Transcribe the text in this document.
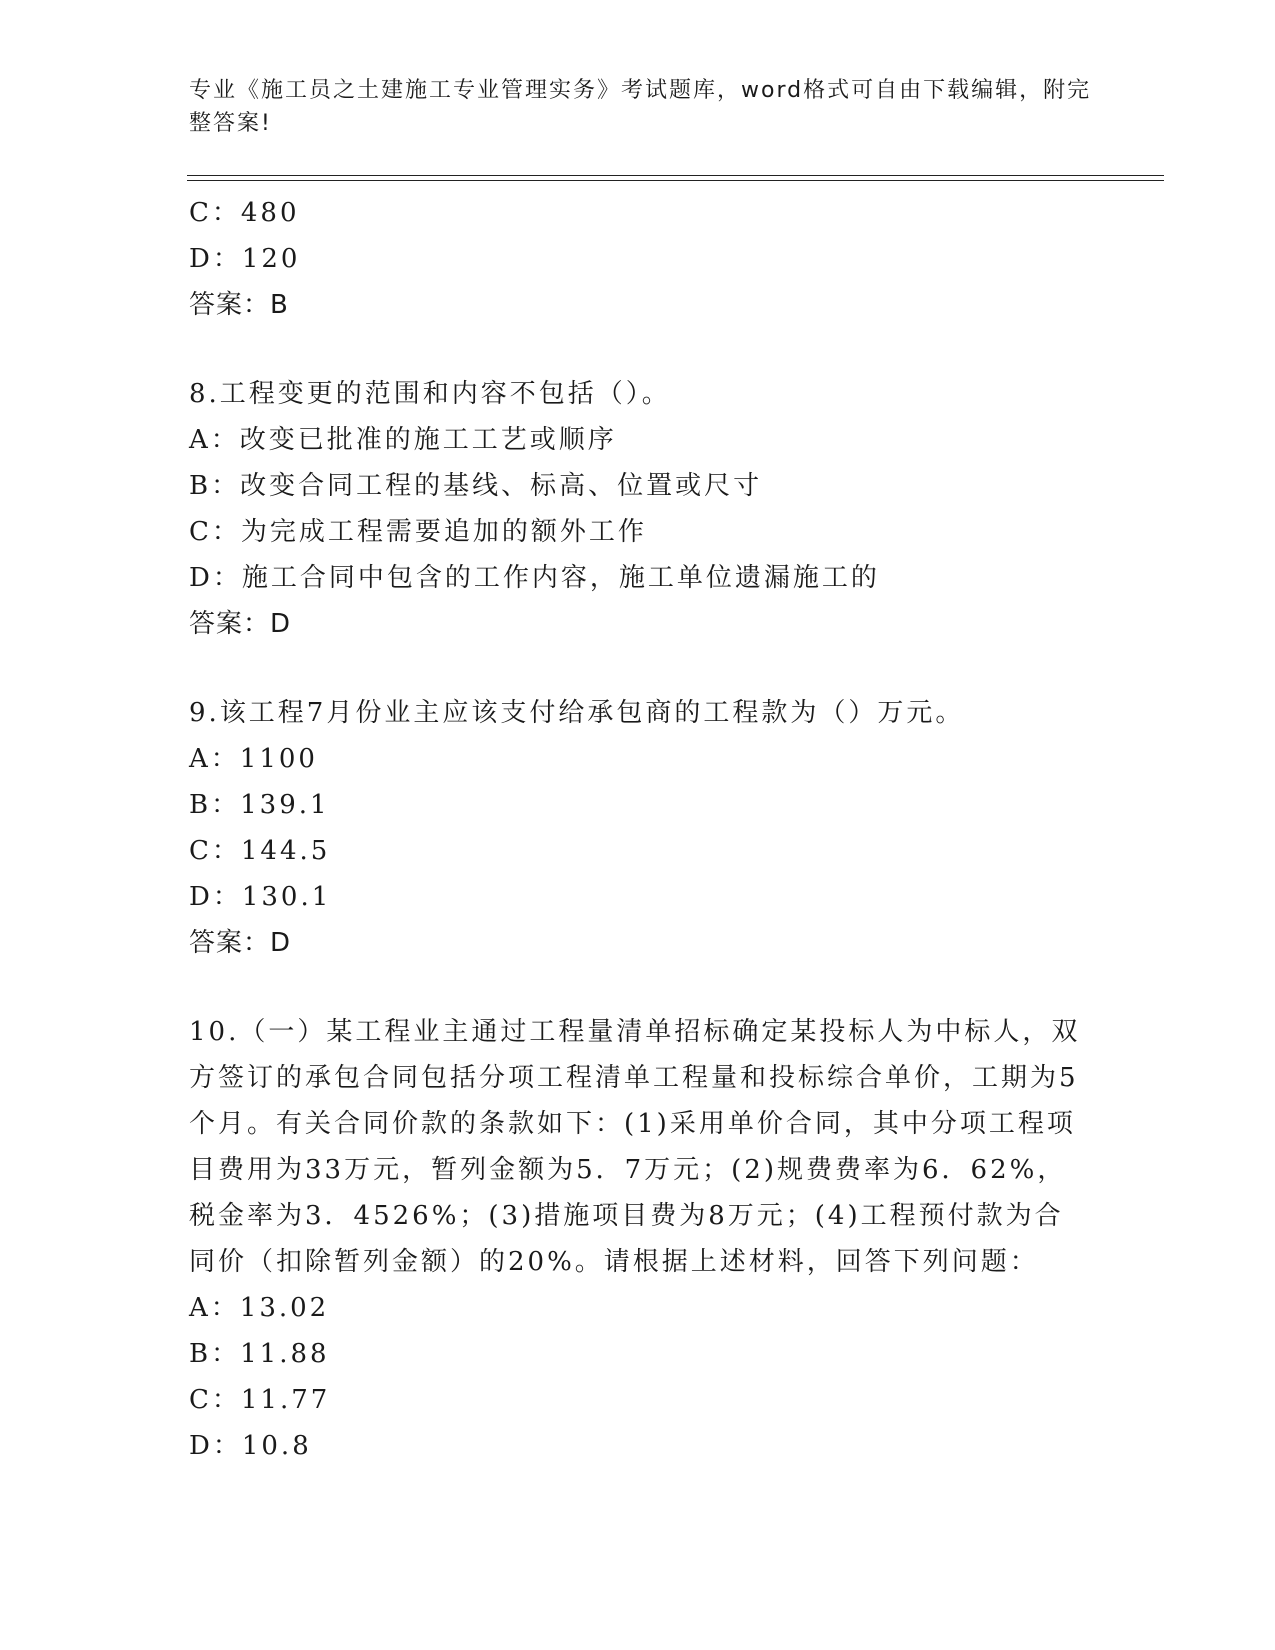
专业《施工员之土建施工专业管理实务》考试题库，word格式可自由下载编辑，附完整答案!
C：480
D：120
答案：B
8.工程变更的范围和内容不包括（）。
A：改变已批准的施工工艺或顺序
B：改变合同工程的基线、标高、位置或尺寸
C：为完成工程需要追加的额外工作
D：施工合同中包含的工作内容，施工单位遗漏施工的
答案：D
9.该工程7月份业主应该支付给承包商的工程款为（）万元。
A：1100
B：139.1
C：144.5
D：130.1
答案：D
10.（一）某工程业主通过工程量清单招标确定某投标人为中标人，双方签订的承包合同包括分项工程清单工程量和投标综合单价，工期为5个月。有关合同价款的条款如下：(1)采用单价合同，其中分项工程项目费用为33万元，暂列金额为5．7万元；(2)规费费率为6．62%，税金率为3．4526%；(3)措施项目费为8万元；(4)工程预付款为合同价（扣除暂列金额）的20%。请根据上述材料，回答下列问题：
A：13.02
B：11.88
C：11.77
D：10.8
